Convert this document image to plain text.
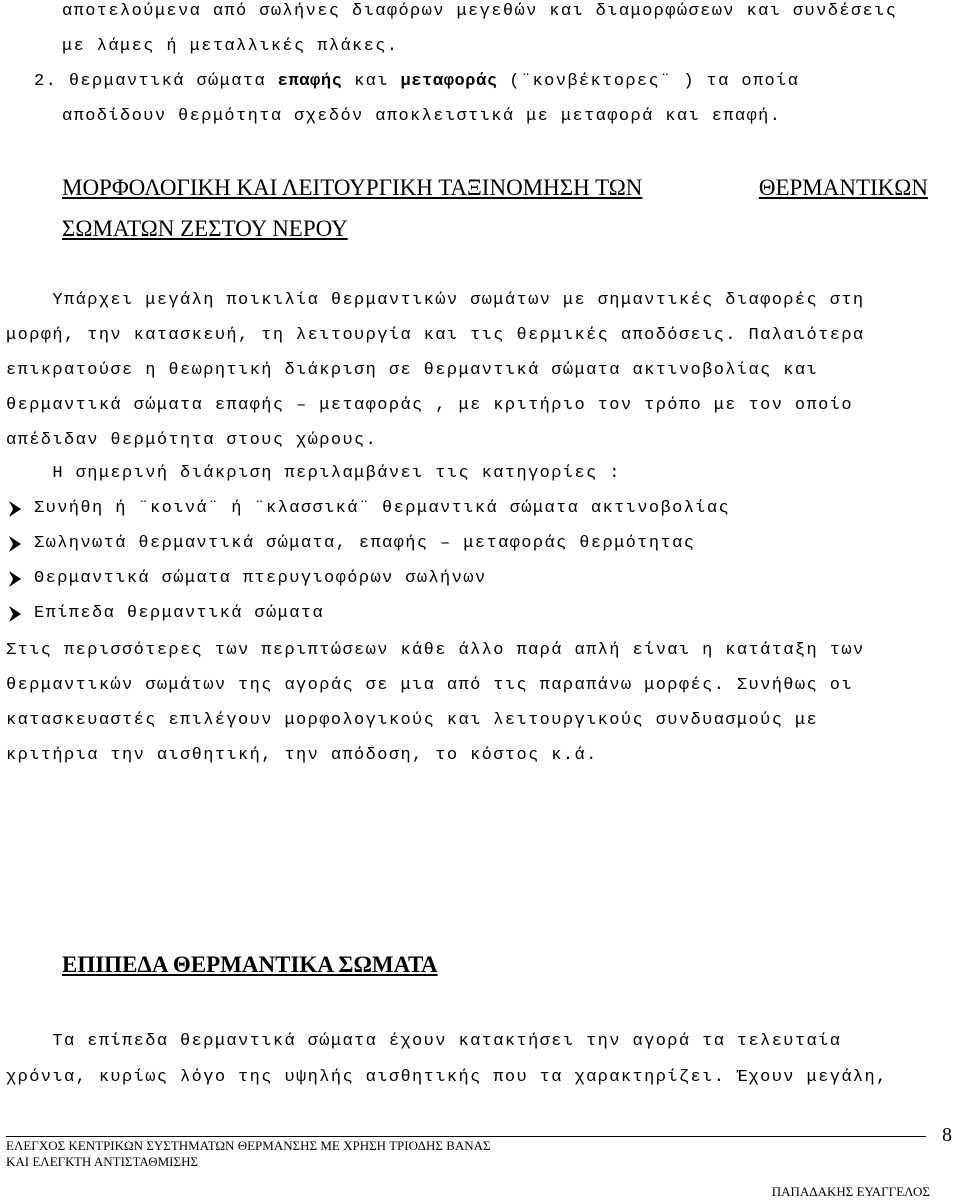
αποτελούμενα από σωλήνες διαφόρων μεγεθών και διαμορφώσεων και συνδέσεις
με λάμες ή μεταλλικές πλάκες.
2. θερμαντικά σώματα επαφής και μεταφοράς (¨κονβέκτορες¨ ) τα οποία
αποδίδουν θερμότητα σχεδόν αποκλειστικά με μεταφορά και επαφή.
ΜΟΡΦΟΛΟΓΙΚΗ ΚΑΙ ΛΕΙΤΟΥΡΓΙΚΗ ΤΑΞΙΝΟΜΗΣΗ ΤΩΝ	ΘΕΡΜΑΝΤΙΚΩΝ
ΣΩΜΑΤΩΝ ΖΕΣΤΟΥ ΝΕΡΟΥ
Υπάρχει μεγάλη ποικιλία θερμαντικών σωμάτων με σημαντικές διαφορές στη
μορφή, την κατασκευή, τη λειτουργία και τις θερμικές αποδόσεις. Παλαιότερα
επικρατούσε η θεωρητική διάκριση σε θερμαντικά σώματα ακτινοβολίας και
θερμαντικά σώματα επαφής – μεταφοράς , με κριτήριο τον τρόπο με τον οποίο
απέδιδαν θερμότητα στους χώρους.
Η σημερινή διάκριση περιλαμβάνει τις κατηγορίες :
Συνήθη ή ¨κοινά¨ ή ¨κλασσικά¨ θερμαντικά σώματα ακτινοβολίας
Σωληνωτά θερμαντικά σώματα, επαφής – μεταφοράς θερμότητας
Θερμαντικά σώματα πτερυγιοφόρων σωλήνων
Επίπεδα θερμαντικά σώματα
Στις περισσότερες των περιπτώσεων κάθε άλλο παρά απλή είναι η κατάταξη των
θερμαντικών σωμάτων της αγοράς σε μια από τις παραπάνω μορφές. Συνήθως οι
κατασκευαστές επιλέγουν μορφολογικούς και λειτουργικούς συνδυασμούς με
κριτήρια την αισθητική, την απόδοση, το κόστος κ.ά.
ΕΠΙΠΕΔΑ ΘΕΡΜΑΝΤΙΚΑ ΣΩΜΑΤΑ
Τα επίπεδα θερμαντικά σώματα έχουν κατακτήσει την αγορά τα τελευταία
χρόνια, κυρίως λόγο της υψηλής αισθητικής που τα χαρακτηρίζει. Έχουν μεγάλη,
ΕΛΕΓΧΟΣ ΚΕΝΤΡΙΚΩΝ ΣΥΣΤΗΜΑΤΩΝ ΘΕΡΜΑΝΣΗΣ ΜΕ ΧΡΗΣΗ ΤΡΙΟΔΗΣ ΒΑΝΑΣ
ΚΑΙ ΕΛΕΓΚΤΗ ΑΝΤΙΣΤΑΘΜΙΣΗΣ
8
ΠΑΠΑΔΑΚΗΣ ΕΥΑΓΓΕΛΟΣ
